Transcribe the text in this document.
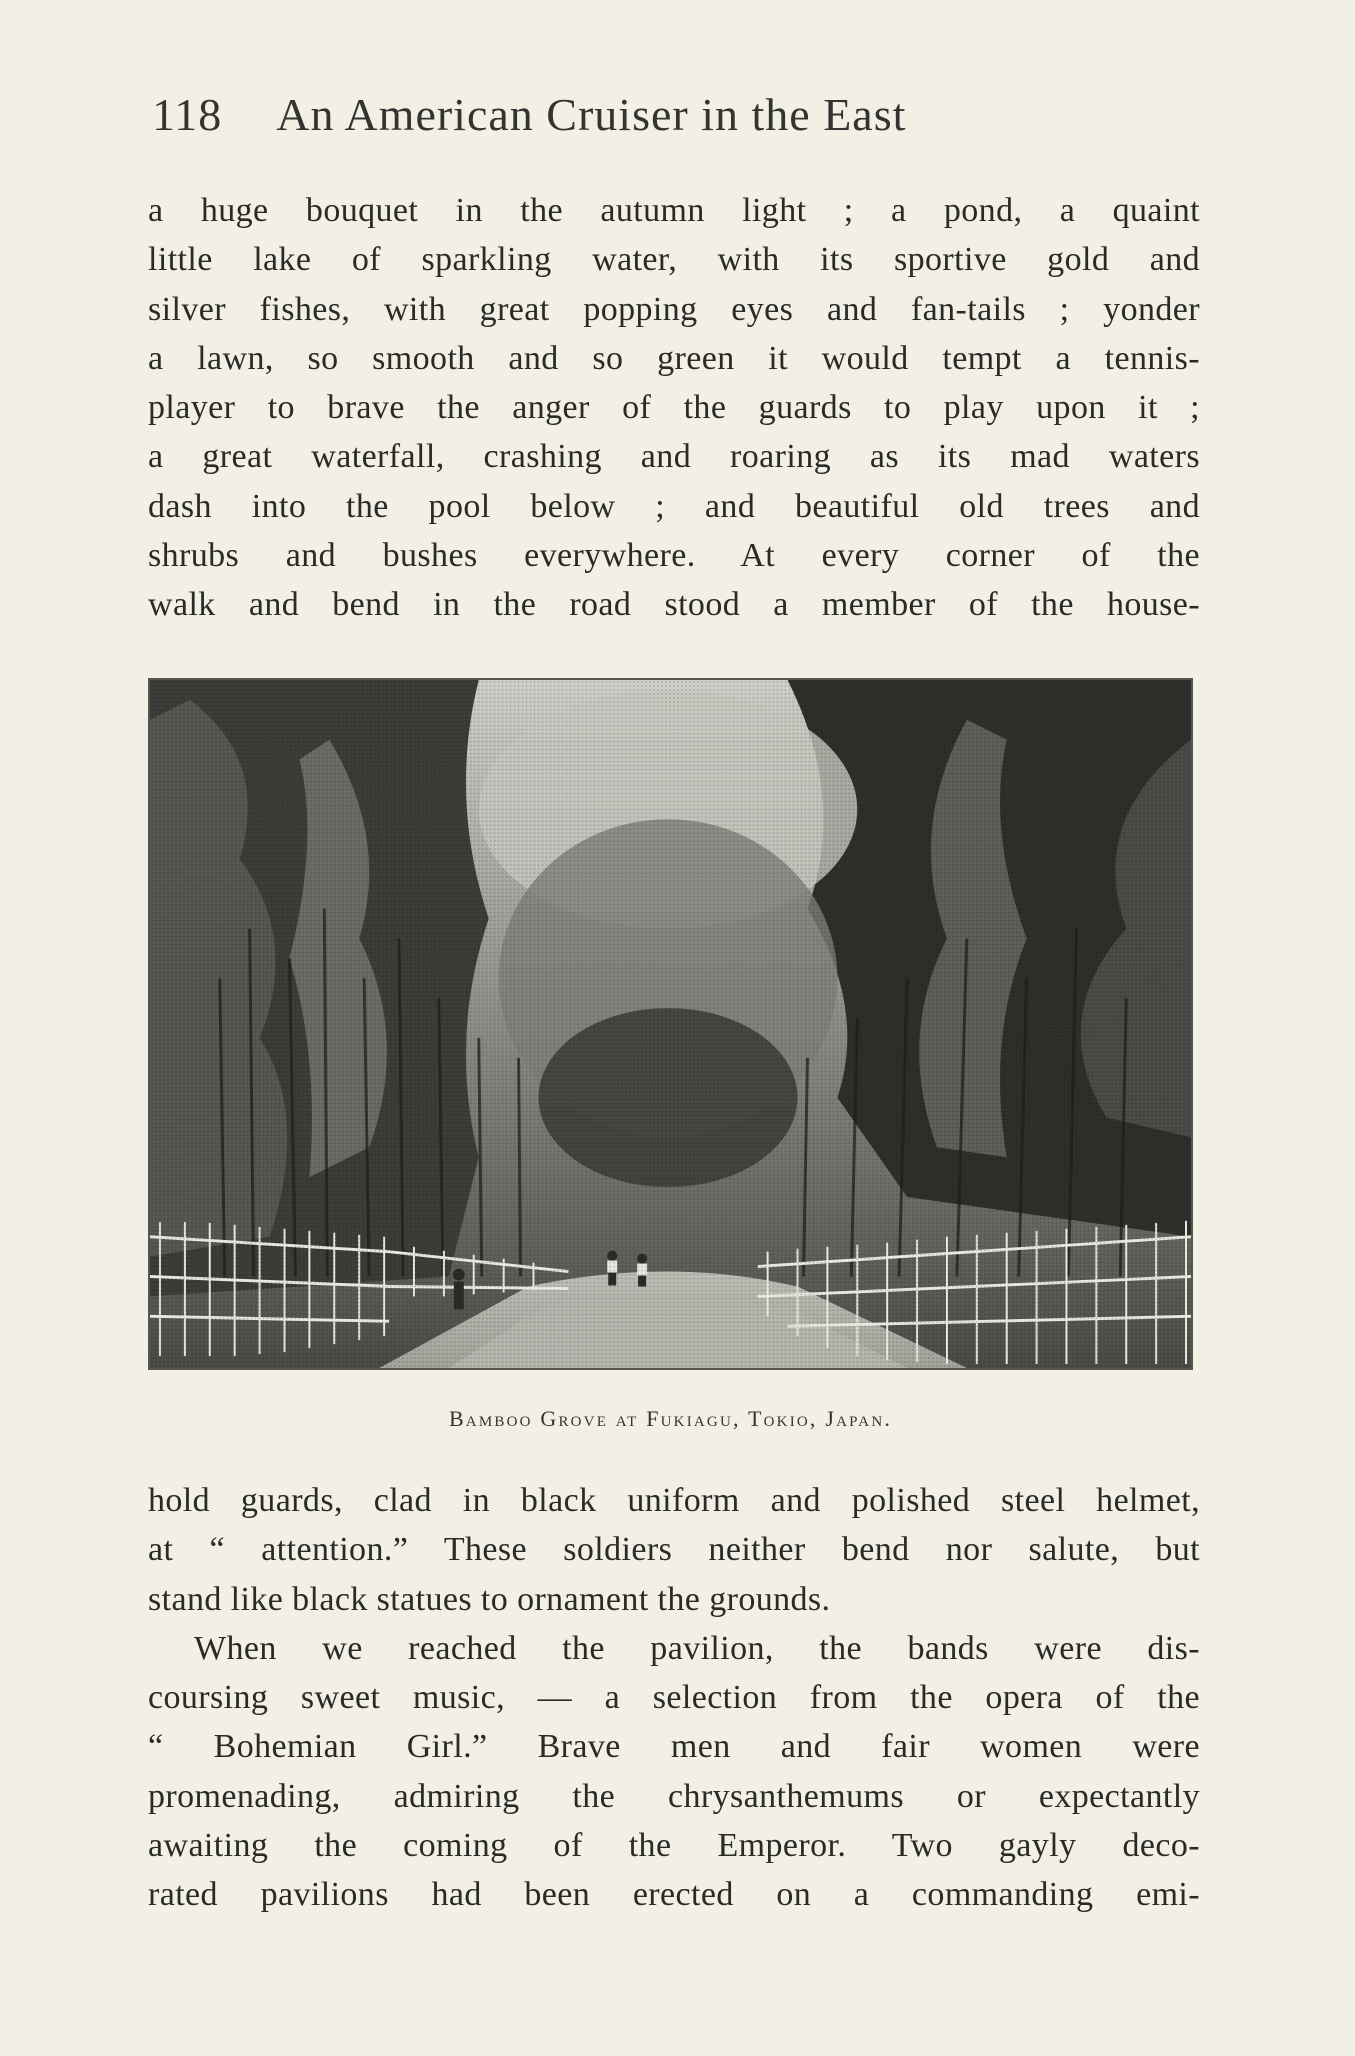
118 An American Cruiser in the East
a huge bouquet in the autumn light ; a pond, a quaint
little lake of sparkling water, with its sportive gold and
silver fishes, with great popping eyes and fan-tails ; yonder
a lawn, so smooth and so green it would tempt a tennis-
player to brave the anger of the guards to play upon it ;
a great waterfall, crashing and roaring as its mad waters
dash into the pool below ; and beautiful old trees and
shrubs and bushes everywhere. At every corner of the
walk and bend in the road stood a member of the house-
Bamboo Grove at Fukiagu, Tokio, Japan.
hold guards, clad in black uniform and polished steel helmet,
at “ attention.” These soldiers neither bend nor salute, but
stand like black statues to ornament the grounds.
When we reached the pavilion, the bands were dis-
coursing sweet music, — a selection from the opera of the
“ Bohemian Girl.” Brave men and fair women were
promenading, admiring the chrysanthemums or expectantly
awaiting the coming of the Emperor. Two gayly deco-
rated pavilions had been erected on a commanding emi-
